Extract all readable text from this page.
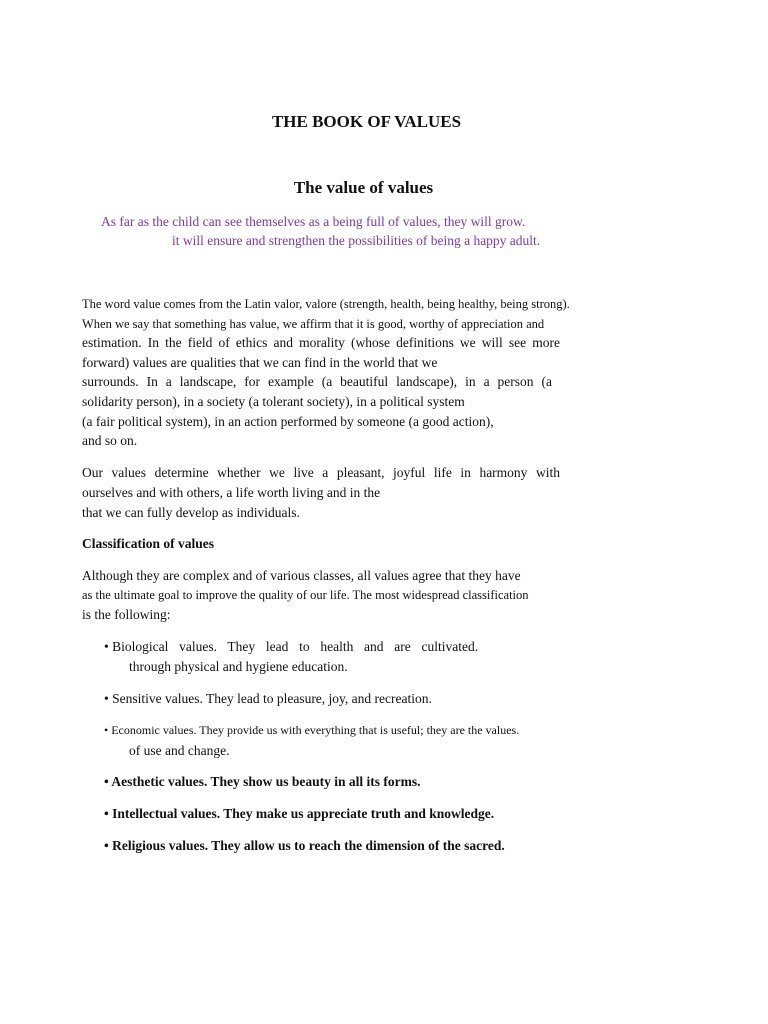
THE BOOK OF VALUES
The value of values
As far as the child can see themselves as a being full of values, they will grow.
it will ensure and strengthen the possibilities of being a happy adult.
The word value comes from the Latin valor, valore (strength, health, being healthy, being strong).
When we say that something has value, we affirm that it is good, worthy of appreciation and
estimation. In the field of ethics and morality (whose definitions we will see more
forward) values are qualities that we can find in the world that we
surrounds. In a landscape, for example (a beautiful landscape), in a person (a
solidarity person), in a society (a tolerant society), in a political system
(a fair political system), in an action performed by someone (a good action),
and so on.
Our values determine whether we live a pleasant, joyful life in harmony with
ourselves and with others, a life worth living and in the
that we can fully develop as individuals.
Classification of values
Although they are complex and of various classes, all values agree that they have
as the ultimate goal to improve the quality of our life. The most widespread classification
is the following:
• Biological values. They lead to health and are cultivated.
through physical and hygiene education.
• Sensitive values. They lead to pleasure, joy, and recreation.
• Economic values. They provide us with everything that is useful; they are the values.
of use and change.
• Aesthetic values. They show us beauty in all its forms.
• Intellectual values. They make us appreciate truth and knowledge.
• Religious values. They allow us to reach the dimension of the sacred.
